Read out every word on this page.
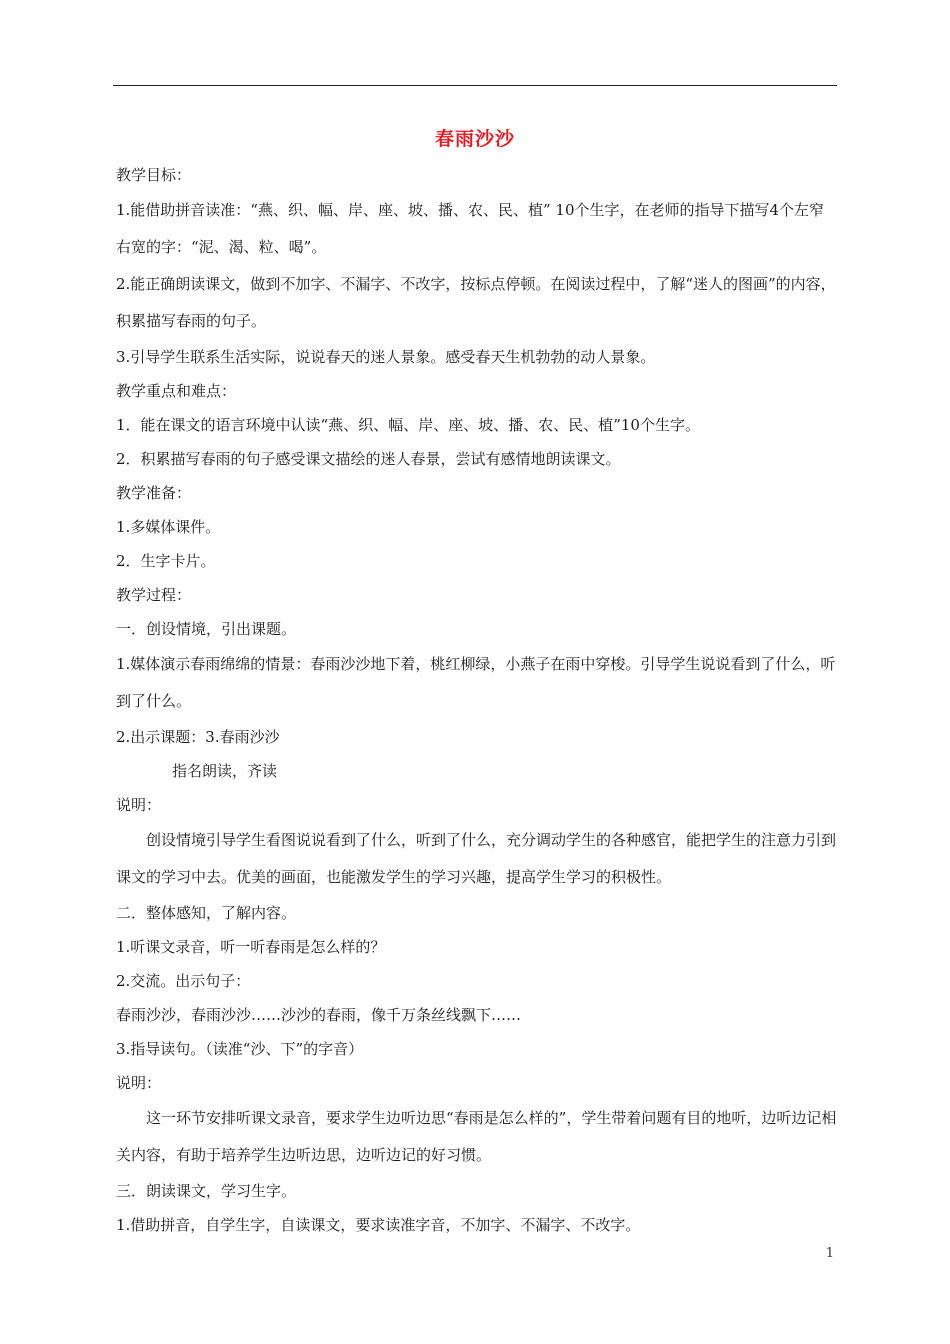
春雨沙沙

教学目标：

1.能借助拼音读准：“燕、织、幅、岸、座、坡、播、农、民、植” 10个生字，在老师的指导下描写4个左窄右宽的字：“泥、渴、粒、喝”。

2.能正确朗读课文，做到不加字、不漏字、不改字，按标点停顿。在阅读过程中，了解“迷人的图画”的内容，积累描写春雨的句子。

3.引导学生联系生活实际，说说春天的迷人景象。感受春天生机勃勃的动人景象。

教学重点和难点：

1．能在课文的语言环境中认读“燕、织、幅、岸、座、坡、播、农、民、植”10个生字。

2．积累描写春雨的句子感受课文描绘的迷人春景，尝试有感情地朗读课文。

教学准备：

1.多媒体课件。

2．生字卡片。

教学过程：

一．创设情境，引出课题。

1.媒体演示春雨绵绵的情景：春雨沙沙地下着，桃红柳绿，小燕子在雨中穿梭。引导学生说说看到了什么，听到了什么。

2.出示课题：3.春雨沙沙

指名朗读，齐读

说明：

创设情境引导学生看图说说看到了什么，听到了什么，充分调动学生的各种感官，能把学生的注意力引到课文的学习中去。优美的画面，也能激发学生的学习兴趣，提高学生学习的积极性。

二．整体感知，了解内容。

1.听课文录音，听一听春雨是怎么样的？

2.交流。出示句子：

春雨沙沙，春雨沙沙……沙沙的春雨，像千万条丝线飘下……

3.指导读句。（读准“沙、下”的字音）

说明：

这一环节安排听课文录音，要求学生边听边思“春雨是怎么样的”，学生带着问题有目的地听，边听边记相关内容，有助于培养学生边听边思，边听边记的好习惯。

三．朗读课文，学习生字。

1.借助拼音，自学生字，自读课文，要求读准字音，不加字、不漏字、不改字。

1
